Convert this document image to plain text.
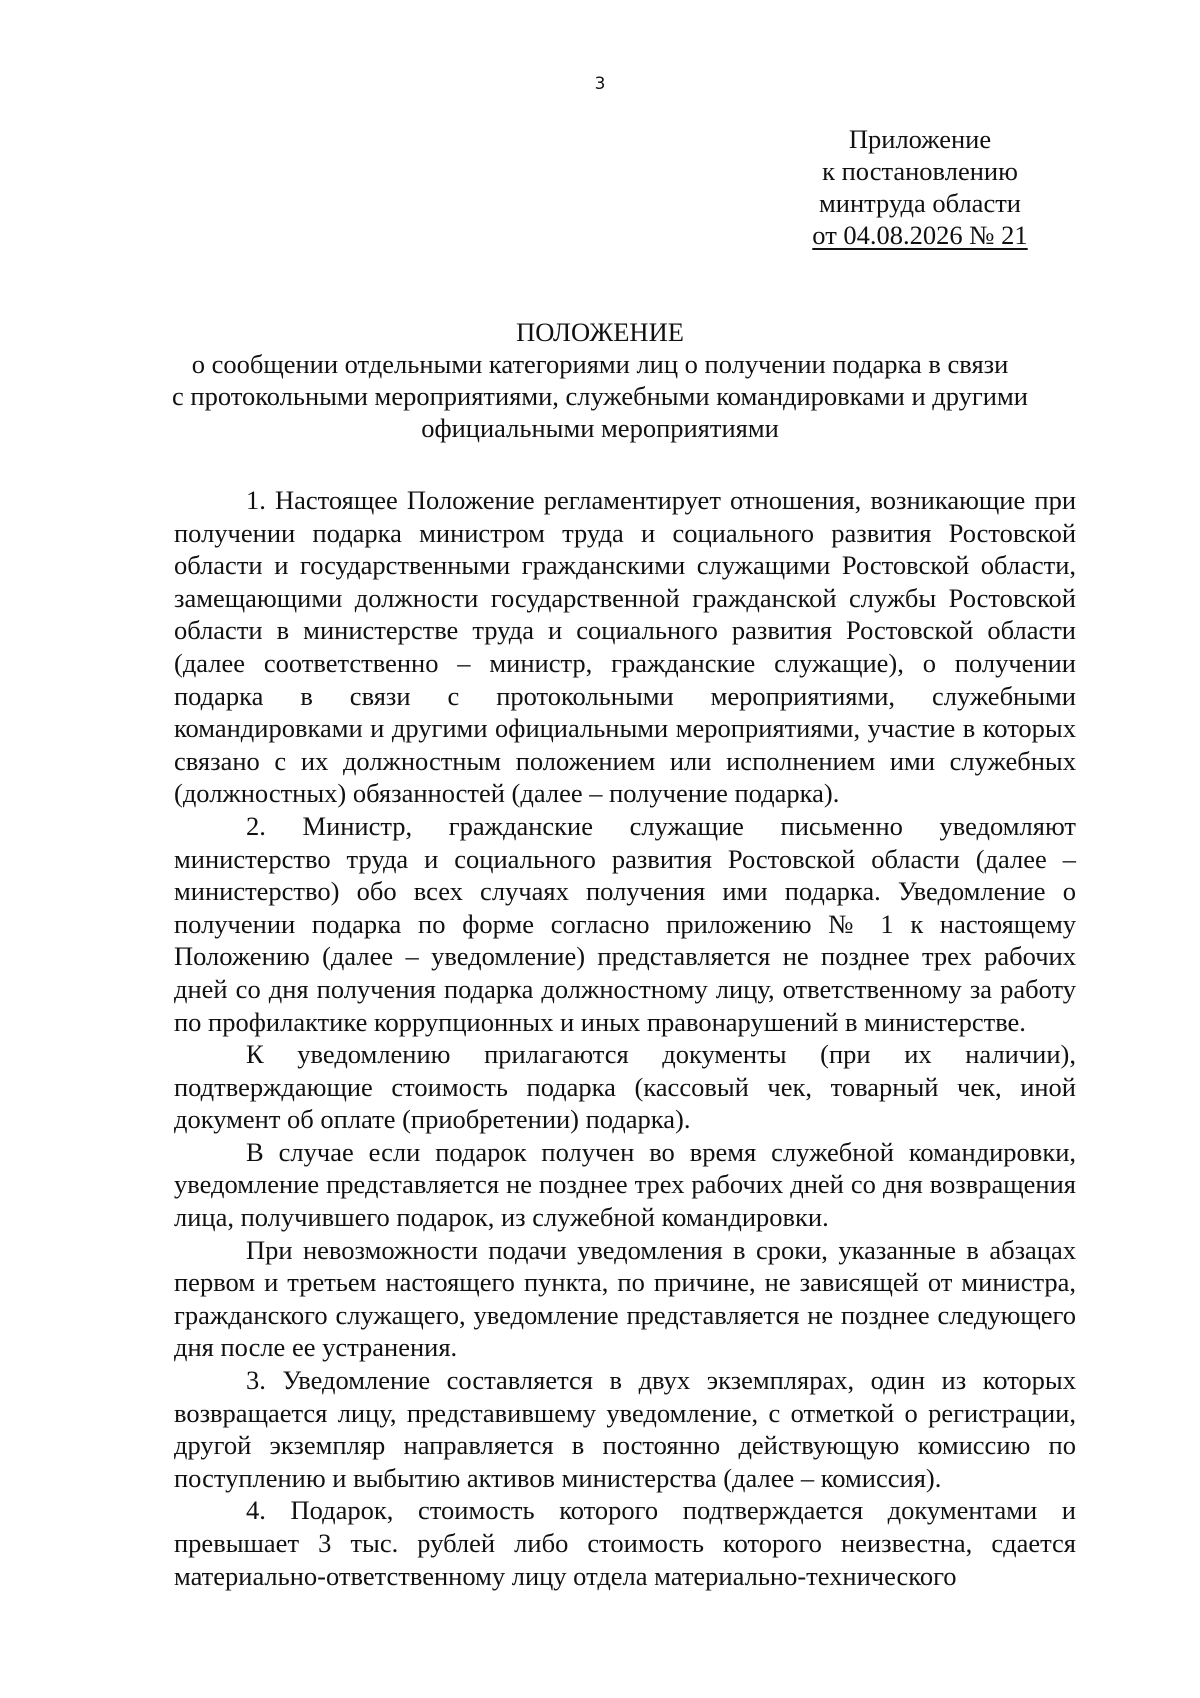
3
Приложение
к постановлению
минтруда области
от 04.08.2026 № 21
ПОЛОЖЕНИЕ
о сообщении отдельными категориями лиц о получении подарка в связи
с протокольными мероприятиями, служебными командировками и другими
официальными мероприятиями

1. Настоящее Положение регламентирует отношения, возникающие при получении подарка министром труда и социального развития Ростовской области и государственными гражданскими служащими Ростовской области, замещающими должности государственной гражданской службы Ростовской области в министерстве труда и социального развития Ростовской области (далее соответственно – министр, гражданские служащие), о получении подарка в связи с протокольными мероприятиями, служебными командировками и другими официальными мероприятиями, участие в которых связано с их должностным положением или исполнением ими служебных (должностных) обязанностей (далее – получение подарка).

2. Министр, гражданские служащие письменно уведомляют министерство труда и социального развития Ростовской области (далее – министерство) обо всех случаях получения ими подарка. Уведомление о получении подарка по форме согласно приложению № 1 к настоящему Положению (далее – уведомление) представляется не позднее трех рабочих дней со дня получения подарка должностному лицу, ответственному за работу по профилактике коррупционных и иных правонарушений в министерстве.

К уведомлению прилагаются документы (при их наличии), подтверждающие стоимость подарка (кассовый чек, товарный чек, иной документ об оплате (приобретении) подарка).

В случае если подарок получен во время служебной командировки, уведомление представляется не позднее трех рабочих дней со дня возвращения лица, получившего подарок, из служебной командировки.

При невозможности подачи уведомления в сроки, указанные в абзацах первом и третьем настоящего пункта, по причине, не зависящей от министра, гражданского служащего, уведомление представляется не позднее следующего дня после ее устранения.

3. Уведомление составляется в двух экземплярах, один из которых возвращается лицу, представившему уведомление, с отметкой о регистрации, другой экземпляр направляется в постоянно действующую комиссию по поступлению и выбытию активов министерства (далее – комиссия).

4. Подарок, стоимость которого подтверждается документами и превышает 3 тыс. рублей либо стоимость которого неизвестна, сдается материально-ответственному лицу отдела материально-технического
